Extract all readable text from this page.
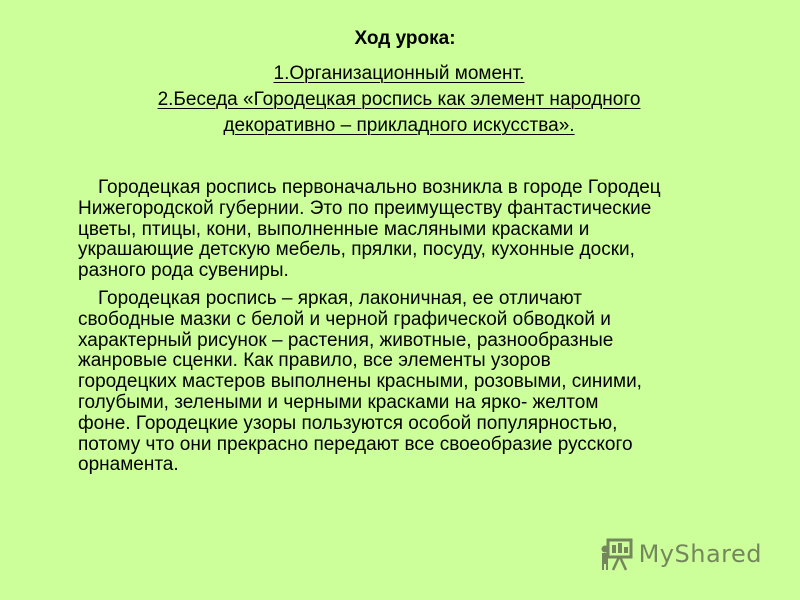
Ход урока:
1.Организационный момент.
2.Беседа «Городецкая роспись как элемент народного
декоративно – прикладного искусства».

Городецкая роспись первоначально возникла в городе Городец
Нижегородской губернии. Это по преимуществу фантастические
цветы, птицы, кони, выполненные масляными красками и
украшающие детскую мебель, прялки, посуду, кухонные доски,
разного рода сувениры.

Городецкая роспись – яркая, лаконичная, ее отличают
свободные мазки с белой и черной графической обводкой и
характерный рисунок – растения, животные, разнообразные
жанровые сценки. Как правило, все элементы узоров
городецких мастеров выполнены красными, розовыми, синими,
голубыми, зелеными и черными красками на ярко- желтом
фоне. Городецкие узоры пользуются особой популярностью,
потому что они прекрасно передают все своеобразие русского
орнамента.

MyShared
